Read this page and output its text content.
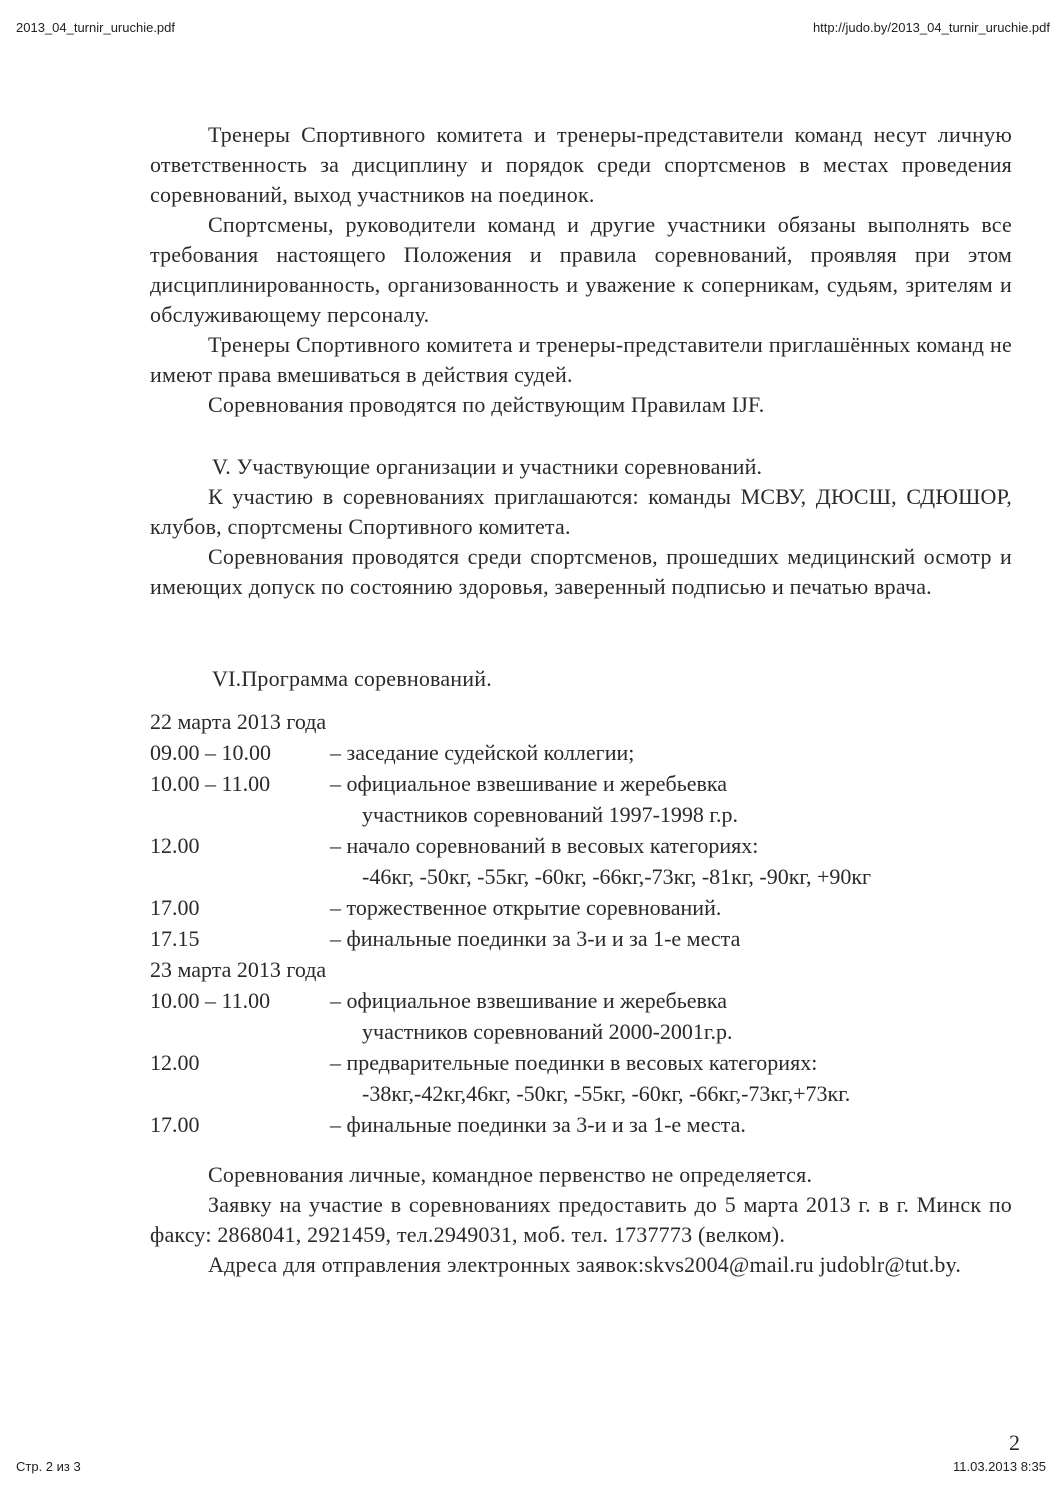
2013_04_turnir_uruchie.pdf	http://judo.by/2013_04_turnir_uruchie.pdf

Тренеры Спортивного комитета и тренеры-представители команд несут личную ответственность за дисциплину и порядок среди спортсменов в местах проведения соревнований, выход участников на поединок.

Спортсмены, руководители команд и другие участники обязаны выполнять все требования настоящего Положения и правила соревнований, проявляя при этом дисциплинированность, организованность и уважение к соперникам, судьям, зрителям и обслуживающему персоналу.

Тренеры Спортивного комитета и тренеры-представители приглашённых команд не имеют права вмешиваться в действия судей.

Соревнования проводятся по действующим Правилам IJF.

V. Участвующие организации и участники соревнований.

К участию в соревнованиях приглашаются: команды МСВУ, ДЮСШ, СДЮШОР, клубов, спортсмены Спортивного комитета.

Соревнования проводятся среди спортсменов, прошедших медицинский осмотр и имеющих допуск по состоянию здоровья, заверенный подписью и печатью врача.

VI.Программа соревнований.

22 марта 2013 года

09.00 – 10.00	– заседание судейской коллегии;
10.00 – 11.00	– официальное взвешивание и жеребьевка
участников соревнований 1997-1998 г.р.
12.00	– начало соревнований в весовых категориях:
-46кг, -50кг, -55кг, -60кг, -66кг,-73кг, -81кг, -90кг, +90кг
17.00	– торжественное открытие соревнований.
17.15	– финальные поединки за 3-и и за 1-е места

23 марта 2013 года

10.00 – 11.00	– официальное взвешивание и жеребьевка
участников соревнований 2000-2001г.р.
12.00	– предварительные поединки в весовых категориях:
-38кг,-42кг,46кг, -50кг, -55кг, -60кг, -66кг,-73кг,+73кг.
17.00	– финальные поединки за 3-и и за 1-е места.

Соревнования личные, командное первенство не определяется.

Заявку на участие в соревнованиях предоставить до 5 марта 2013 г. в г. Минск по факсу: 2868041, 2921459, тел.2949031, моб. тел. 1737773 (велком).

Адреса для отправления электронных заявок:skvs2004@mail.ru judoblr@tut.by.

2
Стр. 2 из 3	11.03.2013 8:35
